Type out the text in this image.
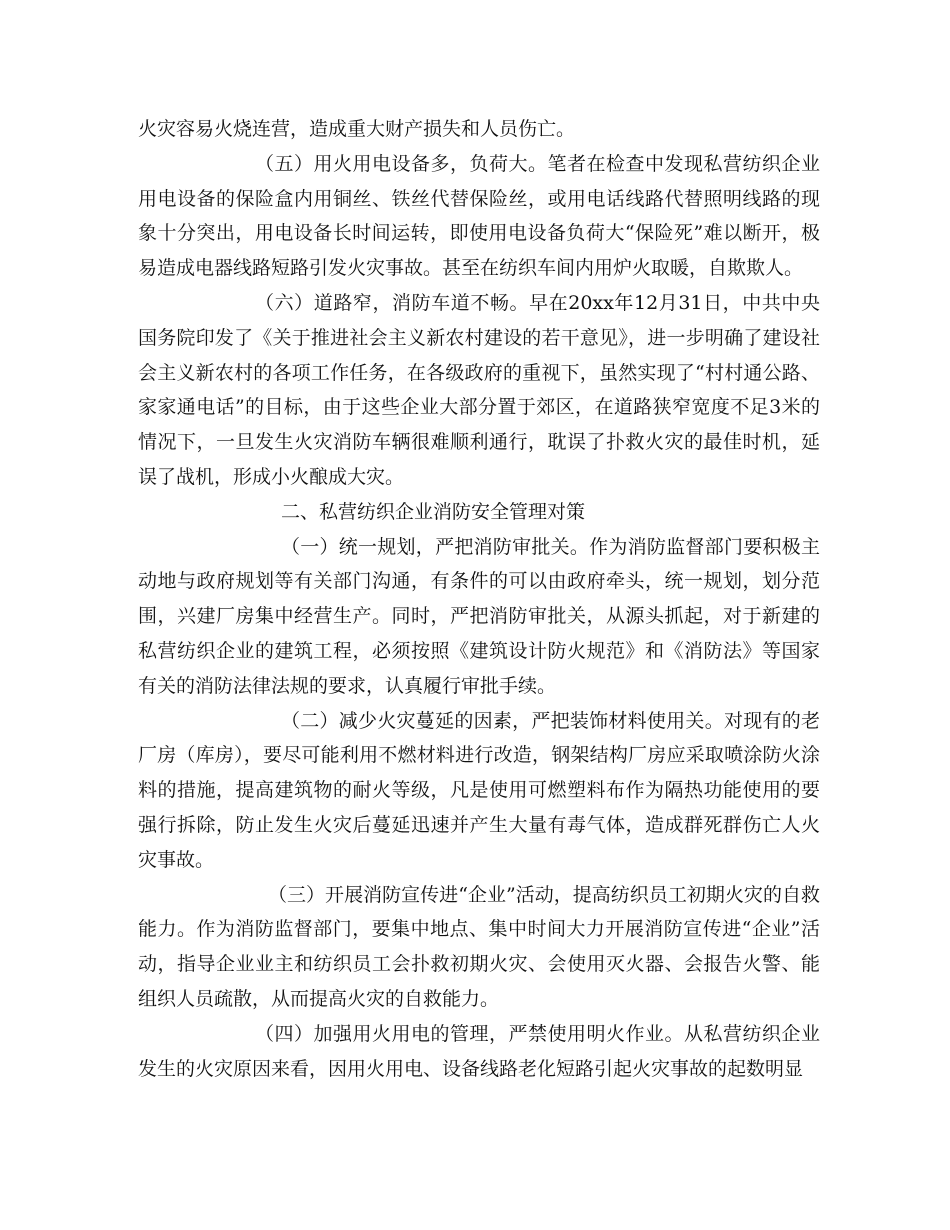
火灾容易火烧连营，造成重大财产损失和人员伤亡。

（五）用火用电设备多，负荷大。笔者在检查中发现私营纺织企业用电设备的保险盒内用铜丝、铁丝代替保险丝，或用电话线路代替照明线路的现象十分突出，用电设备长时间运转，即使用电设备负荷大“保险死”难以断开，极易造成电器线路短路引发火灾事故。甚至在纺织车间内用炉火取暖，自欺欺人。

（六）道路窄，消防车道不畅。早在20xx年12月31日，中共中央国务院印发了《关于推进社会主义新农村建设的若干意见》，进一步明确了建设社会主义新农村的各项工作任务，在各级政府的重视下，虽然实现了“村村通公路、家家通电话”的目标，由于这些企业大部分置于郊区，在道路狭窄宽度不足3米的情况下，一旦发生火灾消防车辆很难顺利通行，耽误了扑救火灾的最佳时机，延误了战机，形成小火酿成大灾。

二、私营纺织企业消防安全管理对策

（一）统一规划，严把消防审批关。作为消防监督部门要积极主动地与政府规划等有关部门沟通，有条件的可以由政府牵头，统一规划，划分范围，兴建厂房集中经营生产。同时，严把消防审批关，从源头抓起，对于新建的私营纺织企业的建筑工程，必须按照《建筑设计防火规范》和《消防法》等国家有关的消防法律法规的要求，认真履行审批手续。

（二）减少火灾蔓延的因素，严把装饰材料使用关。对现有的老厂房（库房），要尽可能利用不燃材料进行改造，钢架结构厂房应采取喷涂防火涂料的措施，提高建筑物的耐火等级，凡是使用可燃塑料布作为隔热功能使用的要强行拆除，防止发生火灾后蔓延迅速并产生大量有毒气体，造成群死群伤亡人火灾事故。

（三）开展消防宣传进“企业”活动，提高纺织员工初期火灾的自救能力。作为消防监督部门，要集中地点、集中时间大力开展消防宣传进“企业”活动，指导企业业主和纺织员工会扑救初期火灾、会使用灭火器、会报告火警、能组织人员疏散，从而提高火灾的自救能力。

（四）加强用火用电的管理，严禁使用明火作业。从私营纺织企业发生的火灾原因来看，因用火用电、设备线路老化短路引起火灾事故的起数明显
